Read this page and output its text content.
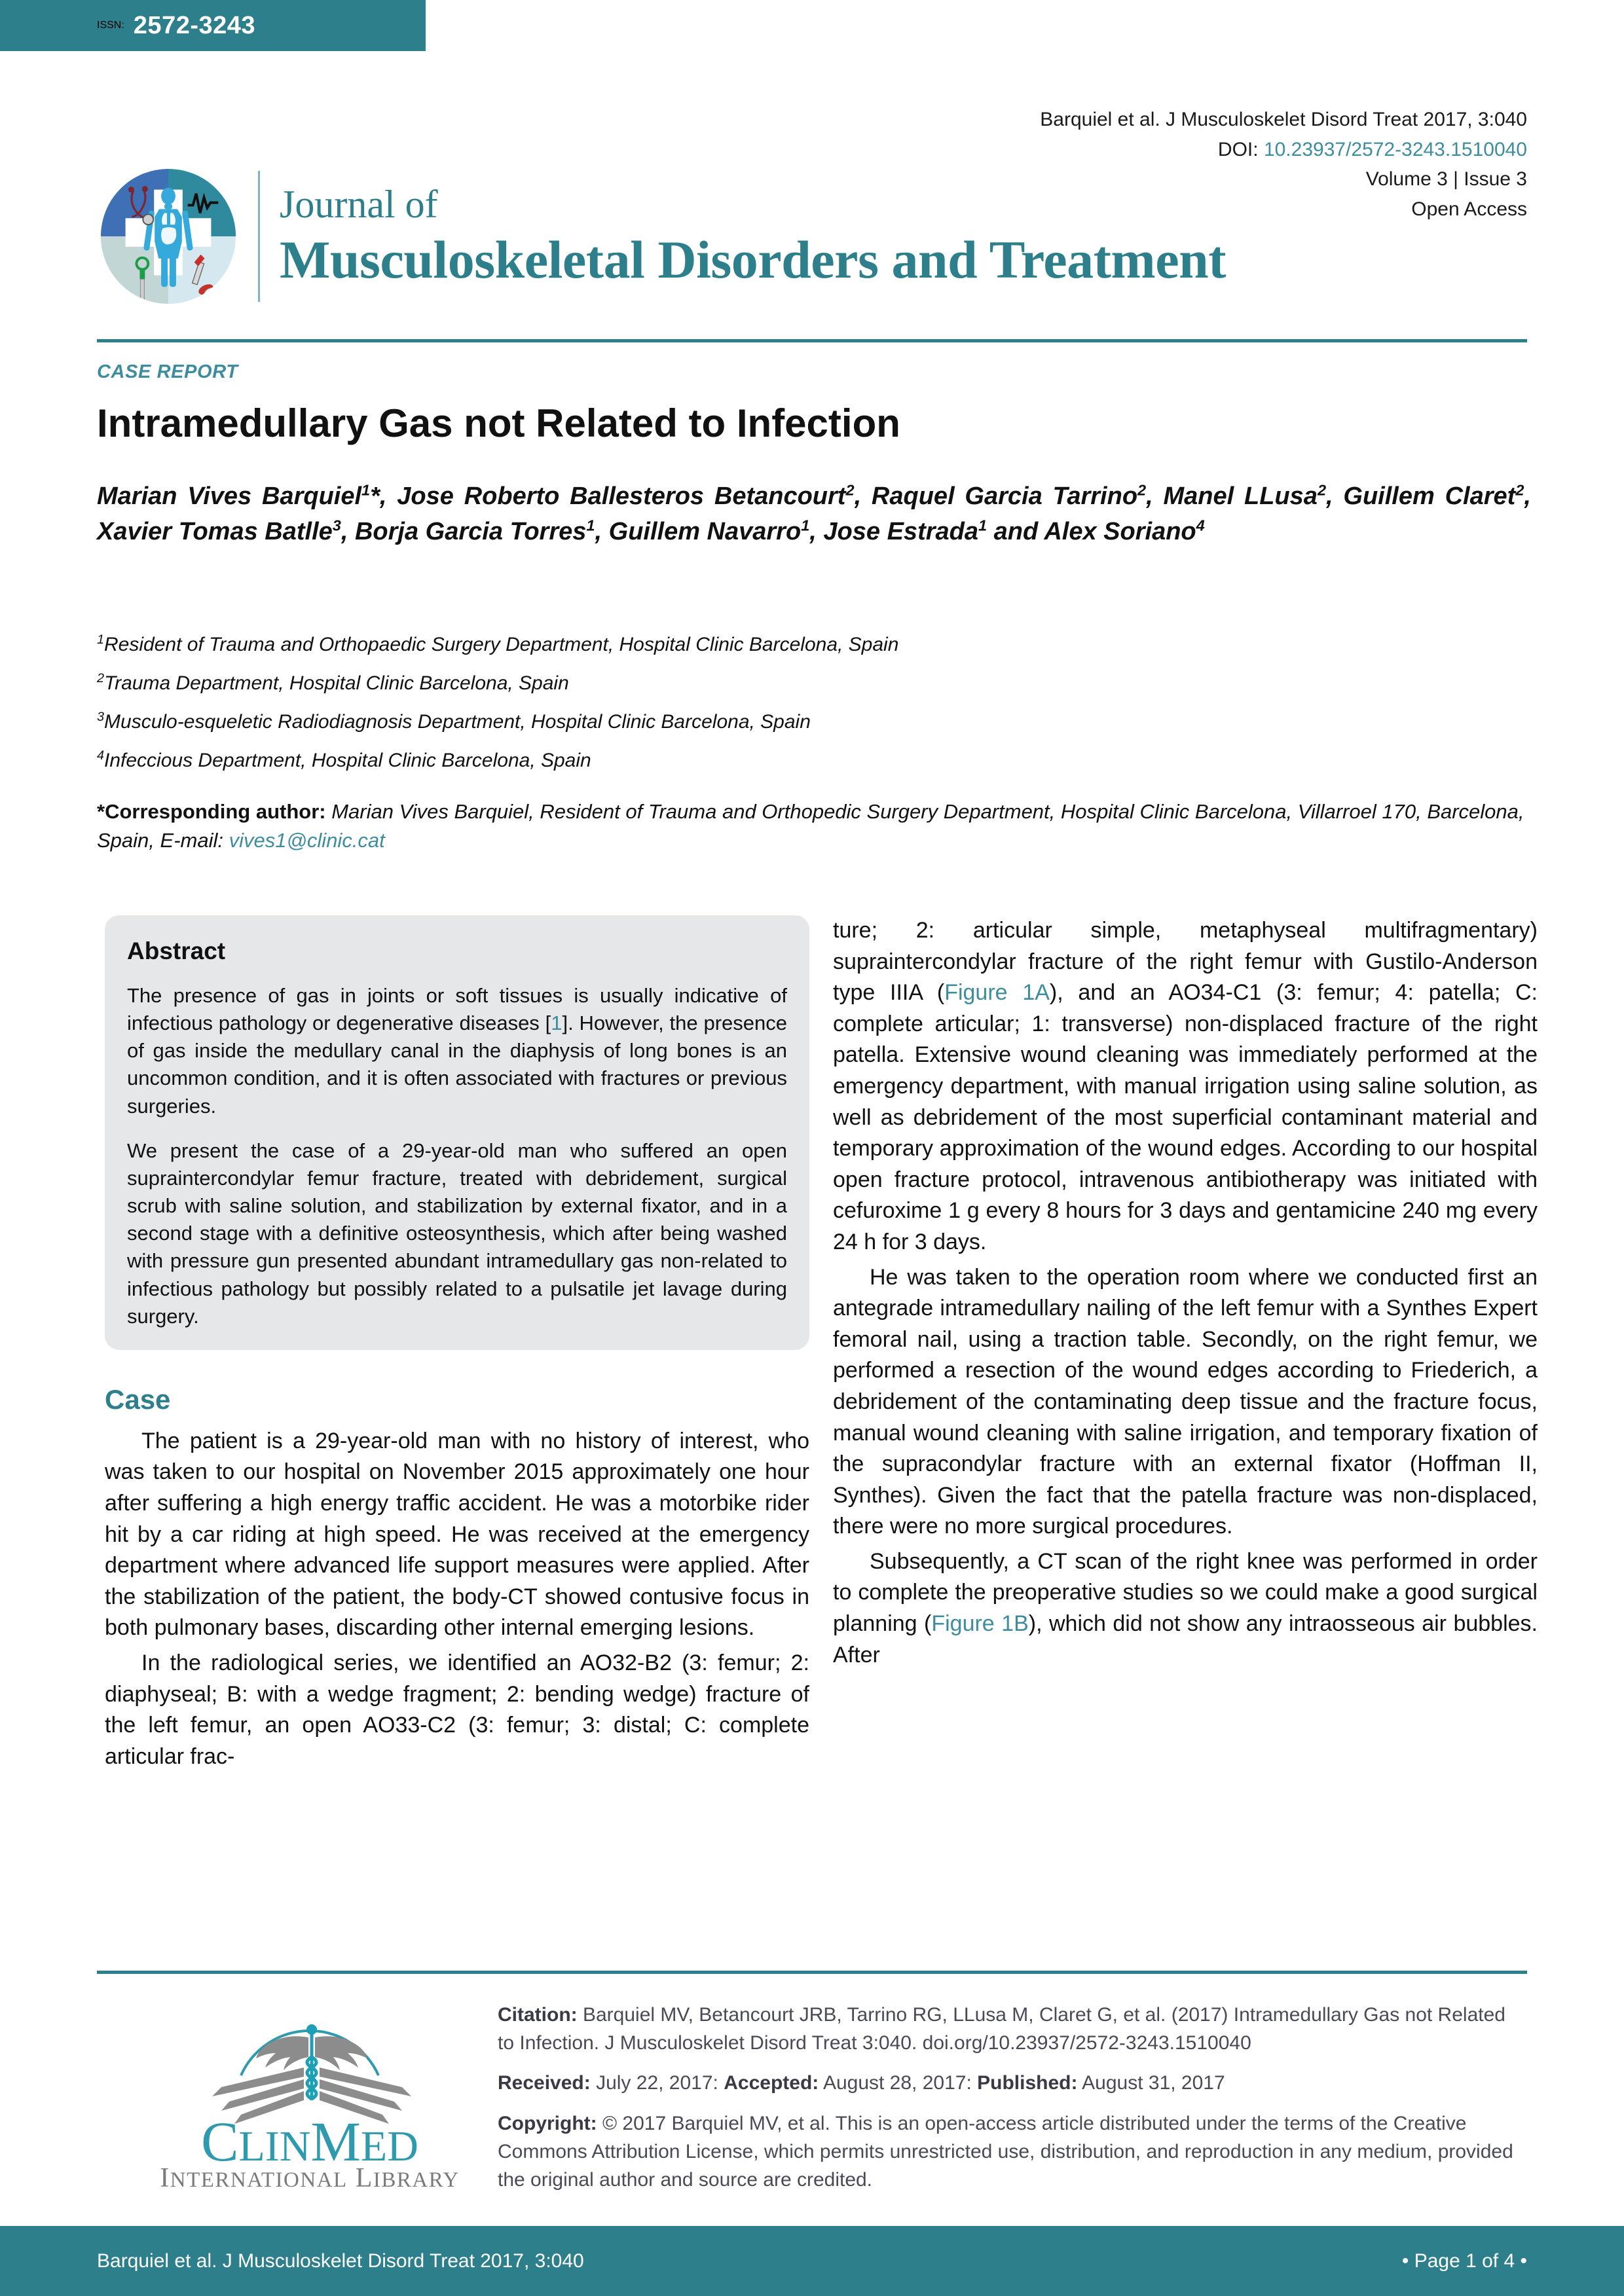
ISSN: 2572-3243
Barquiel et al. J Musculoskelet Disord Treat 2017, 3:040
DOI: 10.23937/2572-3243.1510040
Volume 3 | Issue 3
Open Access
Journal of
Musculoskeletal Disorders and Treatment
CASE REPORT
Intramedullary Gas not Related to Infection
Marian Vives Barquiel$^1$*, Jose Roberto Ballesteros Betancourt$^2$, Raquel Garcia Tarrino$^2$, Manel LLusa$^2$, Guillem Claret$^2$, Xavier Tomas Batlle$^3$, Borja Garcia Torres$^1$, Guillem Navarro$^1$, Jose Estrada$^1$ and Alex Soriano$^4$
$^1$Resident of Trauma and Orthopaedic Surgery Department, Hospital Clinic Barcelona, Spain
$^2$Trauma Department, Hospital Clinic Barcelona, Spain
$^3$Musculo-esqueletic Radiodiagnosis Department, Hospital Clinic Barcelona, Spain
$^4$Infeccious Department, Hospital Clinic Barcelona, Spain
*Corresponding author: Marian Vives Barquiel, Resident of Trauma and Orthopedic Surgery Department, Hospital Clinic Barcelona, Villarroel 170, Barcelona, Spain, E-mail: vives1@clinic.cat
Abstract

The presence of gas in joints or soft tissues is usually indicative of infectious pathology or degenerative diseases [1]. However, the presence of gas inside the medullary canal in the diaphysis of long bones is an uncommon condition, and it is often associated with fractures or previous surgeries.

We present the case of a 29-year-old man who suffered an open supraintercondylar femur fracture, treated with debridement, surgical scrub with saline solution, and stabilization by external fixator, and in a second stage with a definitive osteosynthesis, which after being washed with pressure gun presented abundant intramedullary gas non-related to infectious pathology but possibly related to a pulsatile jet lavage during surgery.

Case

The patient is a 29-year-old man with no history of interest, who was taken to our hospital on November 2015 approximately one hour after suffering a high energy traffic accident. He was a motorbike rider hit by a car riding at high speed. He was received at the emergency department where advanced life support measures were applied. After the stabilization of the patient, the body-CT showed contusive focus in both pulmonary bases, discarding other internal emerging lesions.

In the radiological series, we identified an AO32-B2 (3: femur; 2: diaphyseal; B: with a wedge fragment; 2: bending wedge) fracture of the left femur, an open AO33-C2 (3: femur; 3: distal; C: complete articular frac-

ture; 2: articular simple, metaphyseal multifragmentary) supraintercondylar fracture of the right femur with Gustilo-Anderson type IIIA (Figure 1A), and an AO34-C1 (3: femur; 4: patella; C: complete articular; 1: transverse) non-displaced fracture of the right patella. Extensive wound cleaning was immediately performed at the emergency department, with manual irrigation using saline solution, as well as debridement of the most superficial contaminant material and temporary approximation of the wound edges. According to our hospital open fracture protocol, intravenous antibiotherapy was initiated with cefuroxime 1 g every 8 hours for 3 days and gentamicine 240 mg every 24 h for 3 days.

He was taken to the operation room where we conducted first an antegrade intramedullary nailing of the left femur with a Synthes Expert femoral nail, using a traction table. Secondly, on the right femur, we performed a resection of the wound edges according to Friederich, a debridement of the contaminating deep tissue and the fracture focus, manual wound cleaning with saline irrigation, and temporary fixation of the supracondylar fracture with an external fixator (Hoffman II, Synthes). Given the fact that the patella fracture was non-displaced, there were no more surgical procedures.

Subsequently, a CT scan of the right knee was performed in order to complete the preoperative studies so we could make a good surgical planning (Figure 1B), which did not show any intraosseous air bubbles. After

CLINMED
INTERNATIONAL LIBRARY

Citation: Barquiel MV, Betancourt JRB, Tarrino RG, LLusa M, Claret G, et al. (2017) Intramedullary Gas not Related to Infection. J Musculoskelet Disord Treat 3:040. doi.org/10.23937/2572-3243.1510040

Received: July 22, 2017: Accepted: August 28, 2017: Published: August 31, 2017

Copyright: © 2017 Barquiel MV, et al. This is an open-access article distributed under the terms of the Creative Commons Attribution License, which permits unrestricted use, distribution, and reproduction in any medium, provided the original author and source are credited.

Barquiel et al. J Musculoskelet Disord Treat 2017, 3:040	• Page 1 of 4 •
